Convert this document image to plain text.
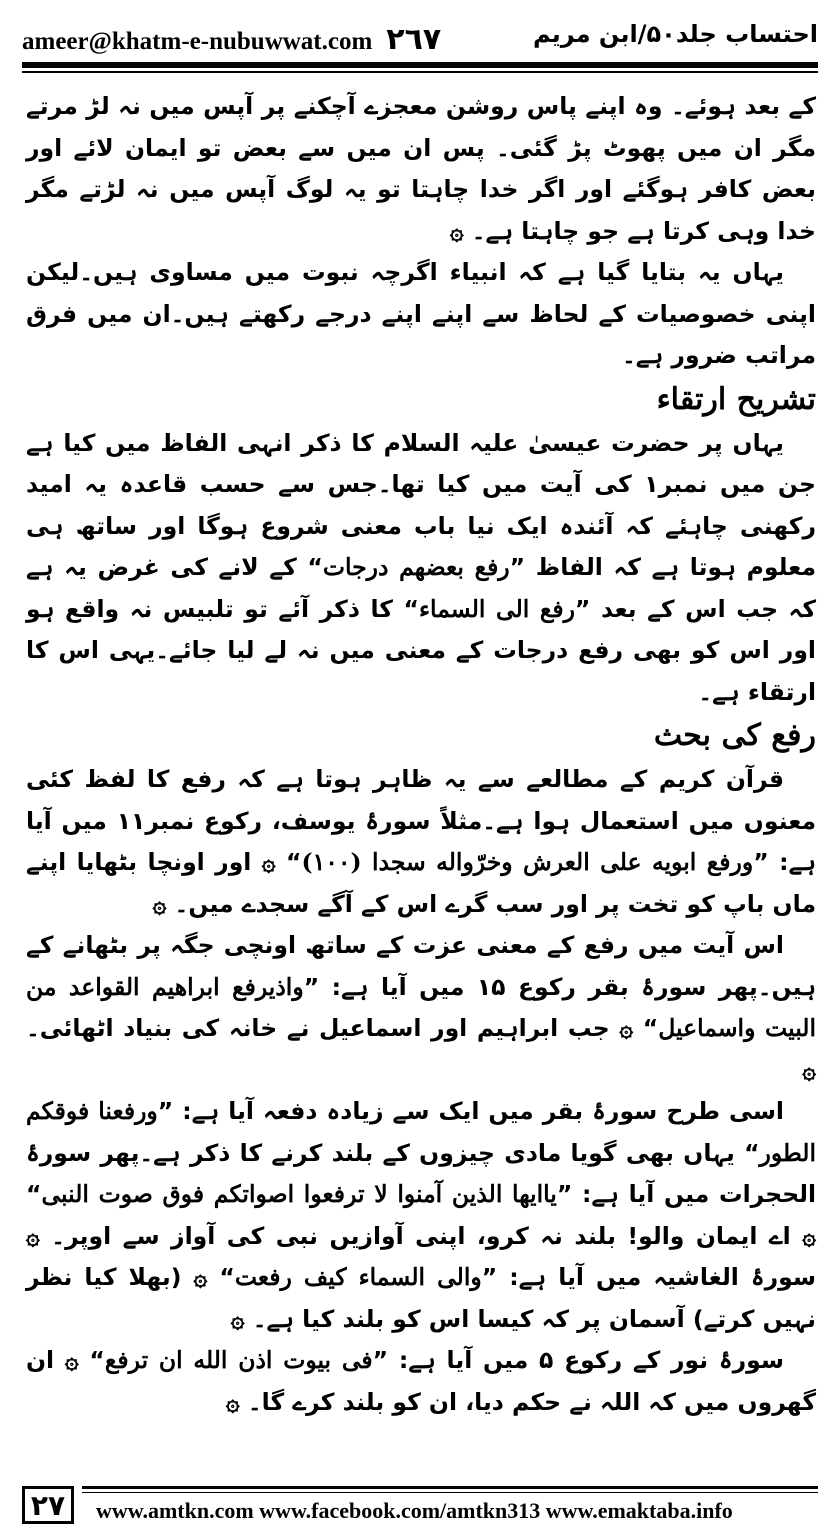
ameer@khatm-e-nubuwwat.com ٢٦٧	احتساب جلد۵۰/ابن مریم

کے بعد ہوئے۔ وہ اپنے پاس روشن معجزے آچکنے پر آپس میں نہ لڑ مرتے مگر ان میں پھوٹ پڑ گئی۔ پس ان میں سے بعض تو ایمان لائے اور بعض کافر ہوگئے اور اگر خدا چاہتا تو یہ لوگ آپس میں نہ لڑتے مگر خدا وہی کرتا ہے جو چاہتا ہے۔ ۞

یہاں یہ بتایا گیا ہے کہ انبیاء اگرچہ نبوت میں مساوی ہیں۔لیکن اپنی خصوصیات کے لحاظ سے اپنے اپنے درجے رکھتے ہیں۔ان میں فرق مراتب ضرور ہے۔

تشریح ارتقاء

یہاں پر حضرت عیسیٰ علیہ السلام کا ذکر انہی الفاظ میں کیا ہے جن میں نمبر۱ کی آیت میں کیا تھا۔جس سے حسب قاعدہ یہ امید رکھنی چاہئے کہ آئندہ ایک نیا باب معنی شروع ہوگا اور ساتھ ہی معلوم ہوتا ہے کہ الفاظ ”رفع بعضهم درجات“ کے لانے کی غرض یہ ہے کہ جب اس کے بعد ”رفع الی السماء“ کا ذکر آئے تو تلبیس نہ واقع ہو اور اس کو بھی رفع درجات کے معنی میں نہ لے لیا جائے۔یہی اس کا ارتقاء ہے۔

رفع کی بحث

قرآن کریم کے مطالعے سے یہ ظاہر ہوتا ہے کہ رفع کا لفظ کئی معنوں میں استعمال ہوا ہے۔مثلاً سورۂ یوسف، رکوع نمبر۱۱ میں آیا ہے: ”ورفع ابویه علی العرش وخرّواله سجدا (۱۰۰)“ ۞ اور اونچا بٹھایا اپنے ماں باپ کو تخت پر اور سب گرے اس کے آگے سجدے میں۔ ۞

اس آیت میں رفع کے معنی عزت کے ساتھ اونچی جگہ پر بٹھانے کے ہیں۔پھر سورۂ بقر رکوع ۱۵ میں آیا ہے: ”واذیرفع ابراهیم القواعد من البیت واسماعیل“ ۞ جب ابراہیم اور اسماعیل نے خانہ کی بنیاد اٹھائی۔ ۞

اسی طرح سورۂ بقر میں ایک سے زیادہ دفعہ آیا ہے: ”ورفعنا فوقکم الطور“ یہاں بھی گویا مادی چیزوں کے بلند کرنے کا ذکر ہے۔پھر سورۂ الحجرات میں آیا ہے: ”یاایها الذین آمنوا لا ترفعوا اصواتکم فوق صوت النبی“ ۞ اے ایمان والو! بلند نہ کرو، اپنی آوازیں نبی کی آواز سے اوپر۔ ۞ سورۂ الغاشیہ میں آیا ہے: ”والی السماء کیف رفعت“ ۞ (بھلا کیا نظر نہیں کرتے) آسمان پر کہ کیسا اس کو بلند کیا ہے۔ ۞

سورۂ نور کے رکوع ۵ میں آیا ہے: ”فی بیوت اذن الله ان ترفع“ ۞ ان گھروں میں کہ اللہ نے حکم دیا، ان کو بلند کرے گا۔ ۞

٢٧	www.amtkn.com www.facebook.com/amtkn313 www.emaktaba.info
